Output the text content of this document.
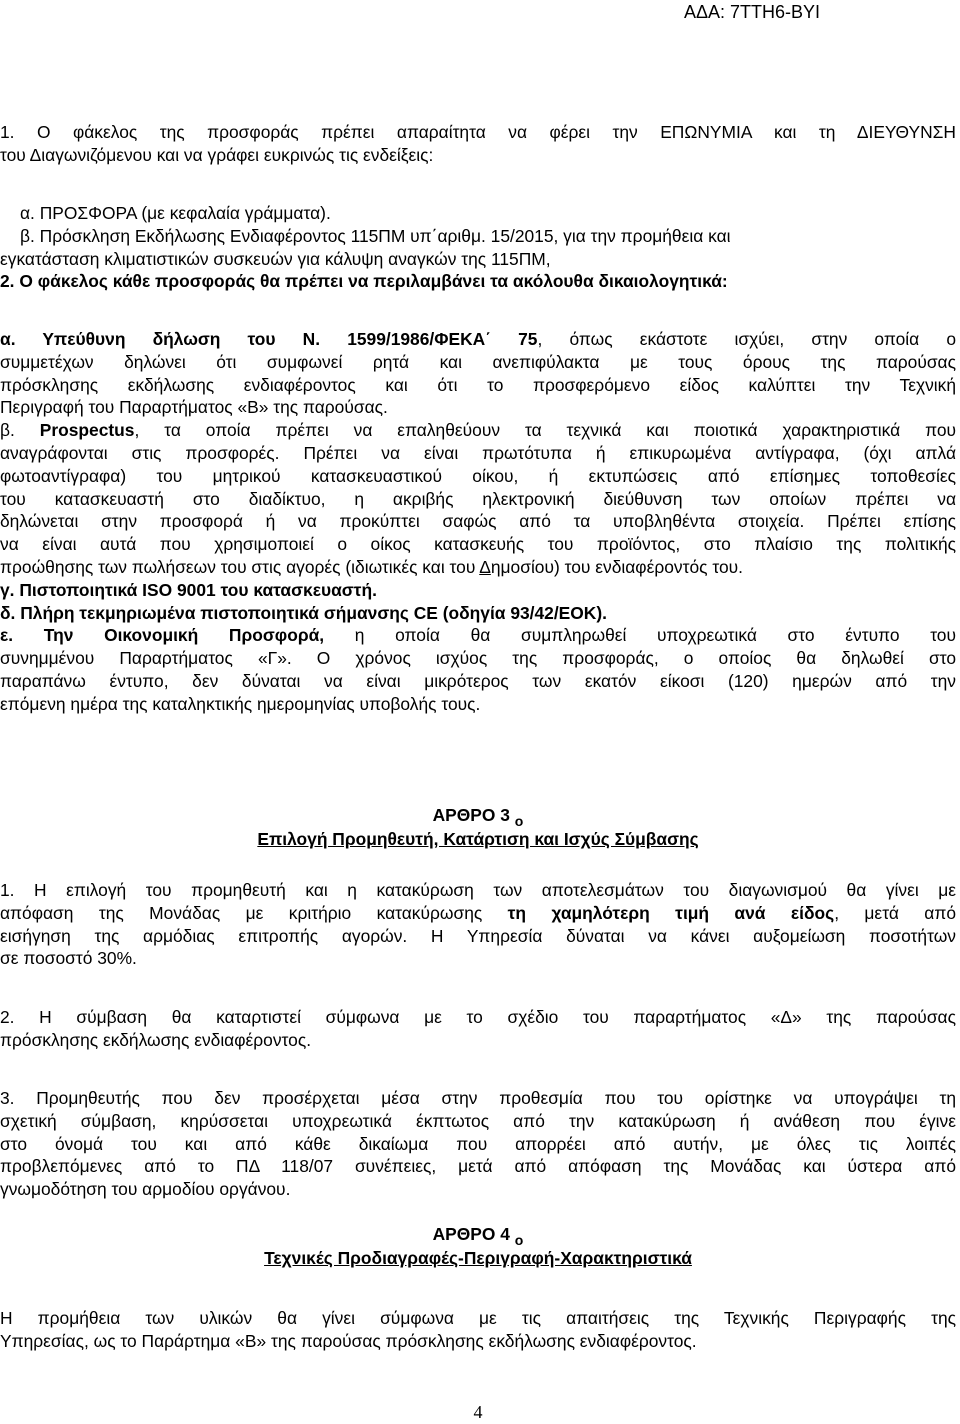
ΑΔΑ: 7ΤΤΗ6-ΒΥΙ

1. Ο φάκελος της προσφοράς πρέπει απαραίτητα να φέρει την ΕΠΩΝΥΜΙΑ και τη ΔΙΕΥΘΥΝΣΗ

του Διαγωνιζόμενου και να γράφει ευκρινώς τις ενδείξεις:

α. ΠΡΟΣΦΟΡΑ (με κεφαλαία γράμματα).

β. Πρόσκληση Εκδήλωσης Ενδιαφέροντος 115ΠΜ υπ΄αριθμ. 15/2015, για την προμήθεια και

εγκατάσταση κλιματιστικών συσκευών για κάλυψη αναγκών της 115ΠΜ,

2. Ο φάκελος κάθε προσφοράς θα πρέπει να περιλαμβάνει τα ακόλουθα δικαιολογητικά:

α. Υπεύθυνη δήλωση του Ν. 1599/1986/ΦΕΚΑ΄ 75, όπως εκάστοτε ισχύει, στην οποία ο

συμμετέχων δηλώνει ότι συμφωνεί ρητά και ανεπιφύλακτα με τους όρους της παρούσας

πρόσκλησης εκδήλωσης ενδιαφέροντος και ότι το προσφερόμενο είδος καλύπτει την Τεχνική

Περιγραφή του Παραρτήματος «Β» της παρούσας.

β. Prospectus, τα οποία πρέπει να επαληθεύουν τα τεχνικά και ποιοτικά χαρακτηριστικά που

αναγράφονται στις προσφορές. Πρέπει να είναι πρωτότυπα ή επικυρωμένα αντίγραφα, (όχι απλά

φωτοαντίγραφα) του μητρικού κατασκευαστικού οίκου, ή εκτυπώσεις από επίσημες τοποθεσίες

του κατασκευαστή στο διαδίκτυο, η ακριβής ηλεκτρονική διεύθυνση των οποίων πρέπει να

δηλώνεται στην προσφορά ή να προκύπτει σαφώς από τα υποβληθέντα στοιχεία. Πρέπει επίσης

να είναι αυτά που χρησιμοποιεί ο οίκος κατασκευής του προϊόντος, στο πλαίσιο της πολιτικής

προώθησης των πωλήσεων του στις αγορές (ιδιωτικές και του Δημοσίου) του ενδιαφέροντός του.

γ. Πιστοποιητικά ISO 9001 του κατασκευαστή.

δ. Πλήρη τεκμηριωμένα πιστοποιητικά σήμανσης CE (οδηγία 93/42/ΕΟΚ).

ε. Την Οικονομική Προσφορά, η οποία θα συμπληρωθεί υποχρεωτικά στο έντυπο του

συνημμένου Παραρτήματος «Γ». Ο χρόνος ισχύος της προσφοράς, ο οποίος θα δηλωθεί στο

παραπάνω έντυπο, δεν δύναται να είναι μικρότερος των εκατόν είκοσι (120) ημερών από την

επόμενη ημέρα της καταληκτικής ημερομηνίας υποβολής τους.

ΑΡΘΡΟ 3 $_o$
Επιλογή Προμηθευτή, Κατάρτιση και Ισχύς Σύμβασης

1. Η επιλογή του προμηθευτή και η κατακύρωση των αποτελεσμάτων του διαγωνισμού θα γίνει με

απόφαση της Μονάδας με κριτήριο κατακύρωσης τη χαμηλότερη τιμή ανά είδος, μετά από

εισήγηση της αρμόδιας επιτροπής αγορών. Η Υπηρεσία δύναται να κάνει αυξομείωση ποσοτήτων

σε ποσοστό 30%.

2. Η σύμβαση θα καταρτιστεί σύμφωνα με το σχέδιο του παραρτήματος «Δ» της παρούσας

πρόσκλησης εκδήλωσης ενδιαφέροντος.

3. Προμηθευτής που δεν προσέρχεται μέσα στην προθεσμία που του ορίστηκε να υπογράψει τη

σχετική σύμβαση, κηρύσσεται υποχρεωτικά έκπτωτος από την κατακύρωση ή ανάθεση που έγινε

στο όνομά του και από κάθε δικαίωμα που απορρέει από αυτήν, με όλες τις λοιπές

προβλεπόμενες από το ΠΔ 118/07 συνέπειες, μετά από απόφαση της Μονάδας και ύστερα από

γνωμοδότηση του αρμοδίου οργάνου.

ΑΡΘΡΟ 4 $_o$
Τεχνικές Προδιαγραφές-Περιγραφή-Χαρακτηριστικά

Η προμήθεια των υλικών θα γίνει σύμφωνα με τις απαιτήσεις της Τεχνικής Περιγραφής της

Υπηρεσίας, ως το Παράρτημα «Β» της παρούσας πρόσκλησης εκδήλωσης ενδιαφέροντος.

4
